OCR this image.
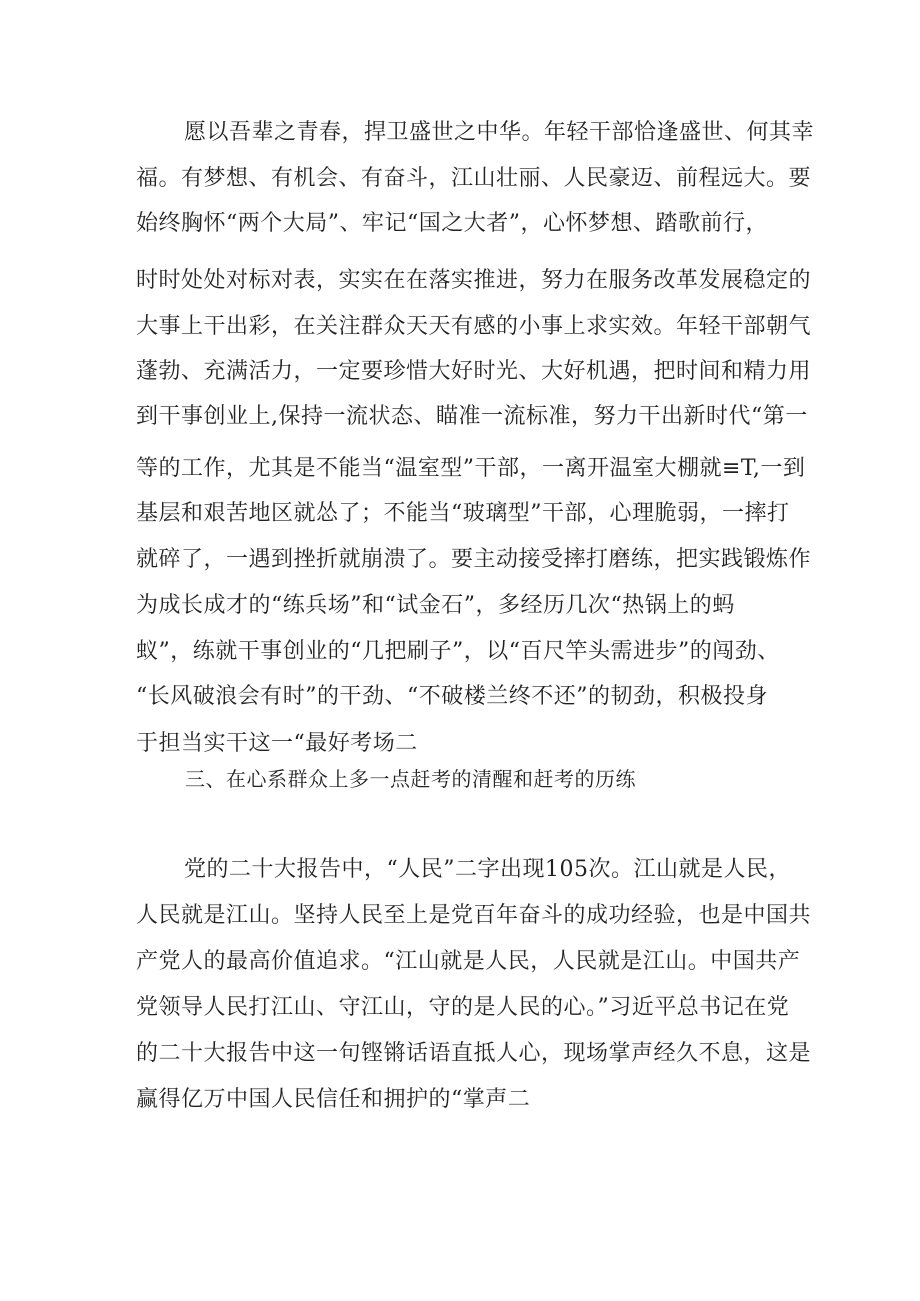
愿以吾辈之青春，捍卫盛世之中华。年轻干部恰逢盛世、何其幸
福。有梦想、有机会、有奋斗，江山壮丽、人民豪迈、前程远大。要
始终胸怀“两个大局”、牢记“国之大者”，心怀梦想、踏歌前行，
时时处处对标对表，实实在在落实推进，努力在服务改革发展稳定的
大事上干出彩，在关注群众天天有感的小事上求实效。年轻干部朝气
蓬勃、充满活力，一定要珍惜大好时光、大好机遇，把时间和精力用
到干事创业上,保持一流状态、瞄准一流标准，努力干出新时代“第一
等的工作，尤其是不能当“温室型”干部，一离开温室大棚就≡T,一到
基层和艰苦地区就怂了；不能当“玻璃型”干部，心理脆弱，一摔打
就碎了，一遇到挫折就崩溃了。要主动接受摔打磨练，把实践锻炼作
为成长成才的“练兵场”和“试金石”，多经历几次“热锅上的蚂
蚁”，练就干事创业的“几把刷子”，以“百尺竿头需进步”的闯劲、
“长风破浪会有时”的干劲、“不破楼兰终不还”的韧劲，积极投身
于担当实干这一“最好考场二
三、在心系群众上多一点赶考的清醒和赶考的历练
党的二十大报告中，“人民”二字出现105次。江山就是人民，
人民就是江山。坚持人民至上是党百年奋斗的成功经验，也是中国共
产党人的最高价值追求。“江山就是人民，人民就是江山。中国共产
党领导人民打江山、守江山，守的是人民的心。”习近平总书记在党
的二十大报告中这一句铿锵话语直抵人心，现场掌声经久不息，这是
赢得亿万中国人民信任和拥护的“掌声二
